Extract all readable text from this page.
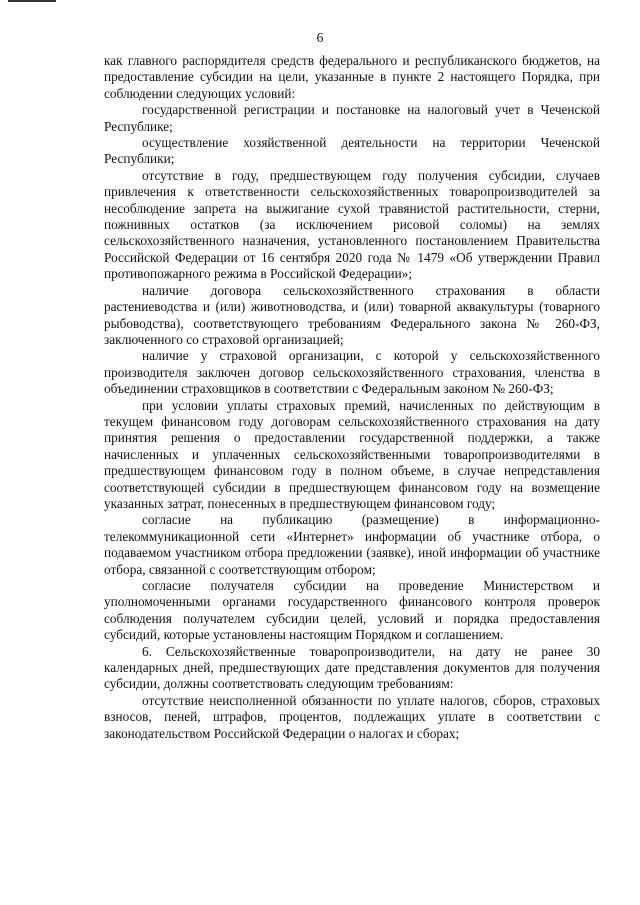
6

как главного распорядителя средств федерального и республиканского бюджетов, на предоставление субсидии на цели, указанные в пункте 2 настоящего Порядка, при соблюдении следующих условий:

государственной регистрации и постановке на налоговый учет в Чеченской Республике;

осуществление хозяйственной деятельности на территории Чеченской Республики;

отсутствие в году, предшествующем году получения субсидии, случаев привлечения к ответственности сельскохозяйственных товаропроизводителей за несоблюдение запрета на выжигание сухой травянистой растительности, стерни, пожнивных остатков (за исключением рисовой соломы) на землях сельскохозяйственного назначения, установленного постановлением Правительства Российской Федерации от 16 сентября 2020 года № 1479 «Об утверждении Правил противопожарного режима в Российской Федерации»;

наличие договора сельскохозяйственного страхования в области растениеводства и (или) животноводства, и (или) товарной аквакультуры (товарного рыбоводства), соответствующего требованиям Федерального закона № 260-ФЗ, заключенного со страховой организацией;

наличие у страховой организации, с которой у сельскохозяйственного производителя заключен договор сельскохозяйственного страхования, членства в объединении страховщиков в соответствии с Федеральным законом № 260-ФЗ;

при условии уплаты страховых премий, начисленных по действующим в текущем финансовом году договорам сельскохозяйственного страхования на дату принятия решения о предоставлении государственной поддержки, а также начисленных и уплаченных сельскохозяйственными товаропроизводителями в предшествующем финансовом году в полном объеме, в случае непредставления соответствующей субсидии в предшествующем финансовом году на возмещение указанных затрат, понесенных в предшествующем финансовом году;

согласие на публикацию (размещение) в информационно-телекоммуникационной сети «Интернет» информации об участнике отбора, о подаваемом участником отбора предложении (заявке), иной информации об участнике отбора, связанной с соответствующим отбором;

согласие получателя субсидии на проведение Министерством и уполномоченными органами государственного финансового контроля проверок соблюдения получателем субсидии целей, условий и порядка предоставления субсидий, которые установлены настоящим Порядком и соглашением.

6. Сельскохозяйственные товаропроизводители, на дату не ранее 30 календарных дней, предшествующих дате представления документов для получения субсидии, должны соответствовать следующим требованиям:

отсутствие неисполненной обязанности по уплате налогов, сборов, страховых взносов, пеней, штрафов, процентов, подлежащих уплате в соответствии с законодательством Российской Федерации о налогах и сборах;
